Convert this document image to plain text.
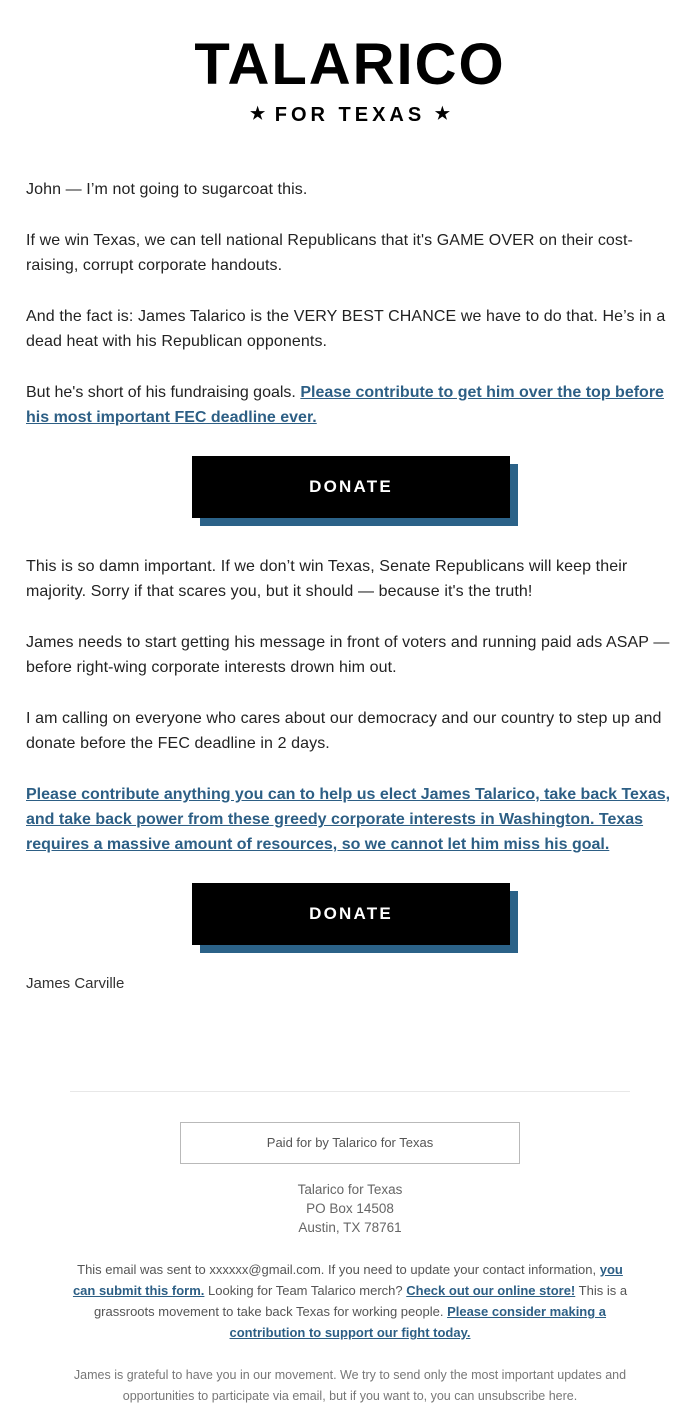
TALARICO
★ FOR TEXAS ★

John — I’m not going to sugarcoat this.

If we win Texas, we can tell national Republicans that it's GAME OVER on their cost-raising, corrupt corporate handouts.

And the fact is: James Talarico is the VERY BEST CHANCE we have to do that. He’s in a dead heat with his Republican opponents.

But he's short of his fundraising goals. Please contribute to get him over the top before his most important FEC deadline ever.

DONATE

This is so damn important. If we don’t win Texas, Senate Republicans will keep their majority. Sorry if that scares you, but it should — because it's the truth!

James needs to start getting his message in front of voters and running paid ads ASAP — before right-wing corporate interests drown him out.

I am calling on everyone who cares about our democracy and our country to step up and donate before the FEC deadline in 2 days.

Please contribute anything you can to help us elect James Talarico, take back Texas, and take back power from these greedy corporate interests in Washington. Texas requires a massive amount of resources, so we cannot let him miss his goal.

DONATE

James Carville

Paid for by Talarico for Texas
Talarico for Texas
PO Box 14508
Austin, TX 78761

This email was sent to xxxxxx@gmail.com. If you need to update your contact information, you can submit this form. Looking for Team Talarico merch? Check out our online store! This is a grassroots movement to take back Texas for working people. Please consider making a contribution to support our fight today.

James is grateful to have you in our movement. We try to send only the most important updates and opportunities to participate via email, but if you want to, you can unsubscribe here.
